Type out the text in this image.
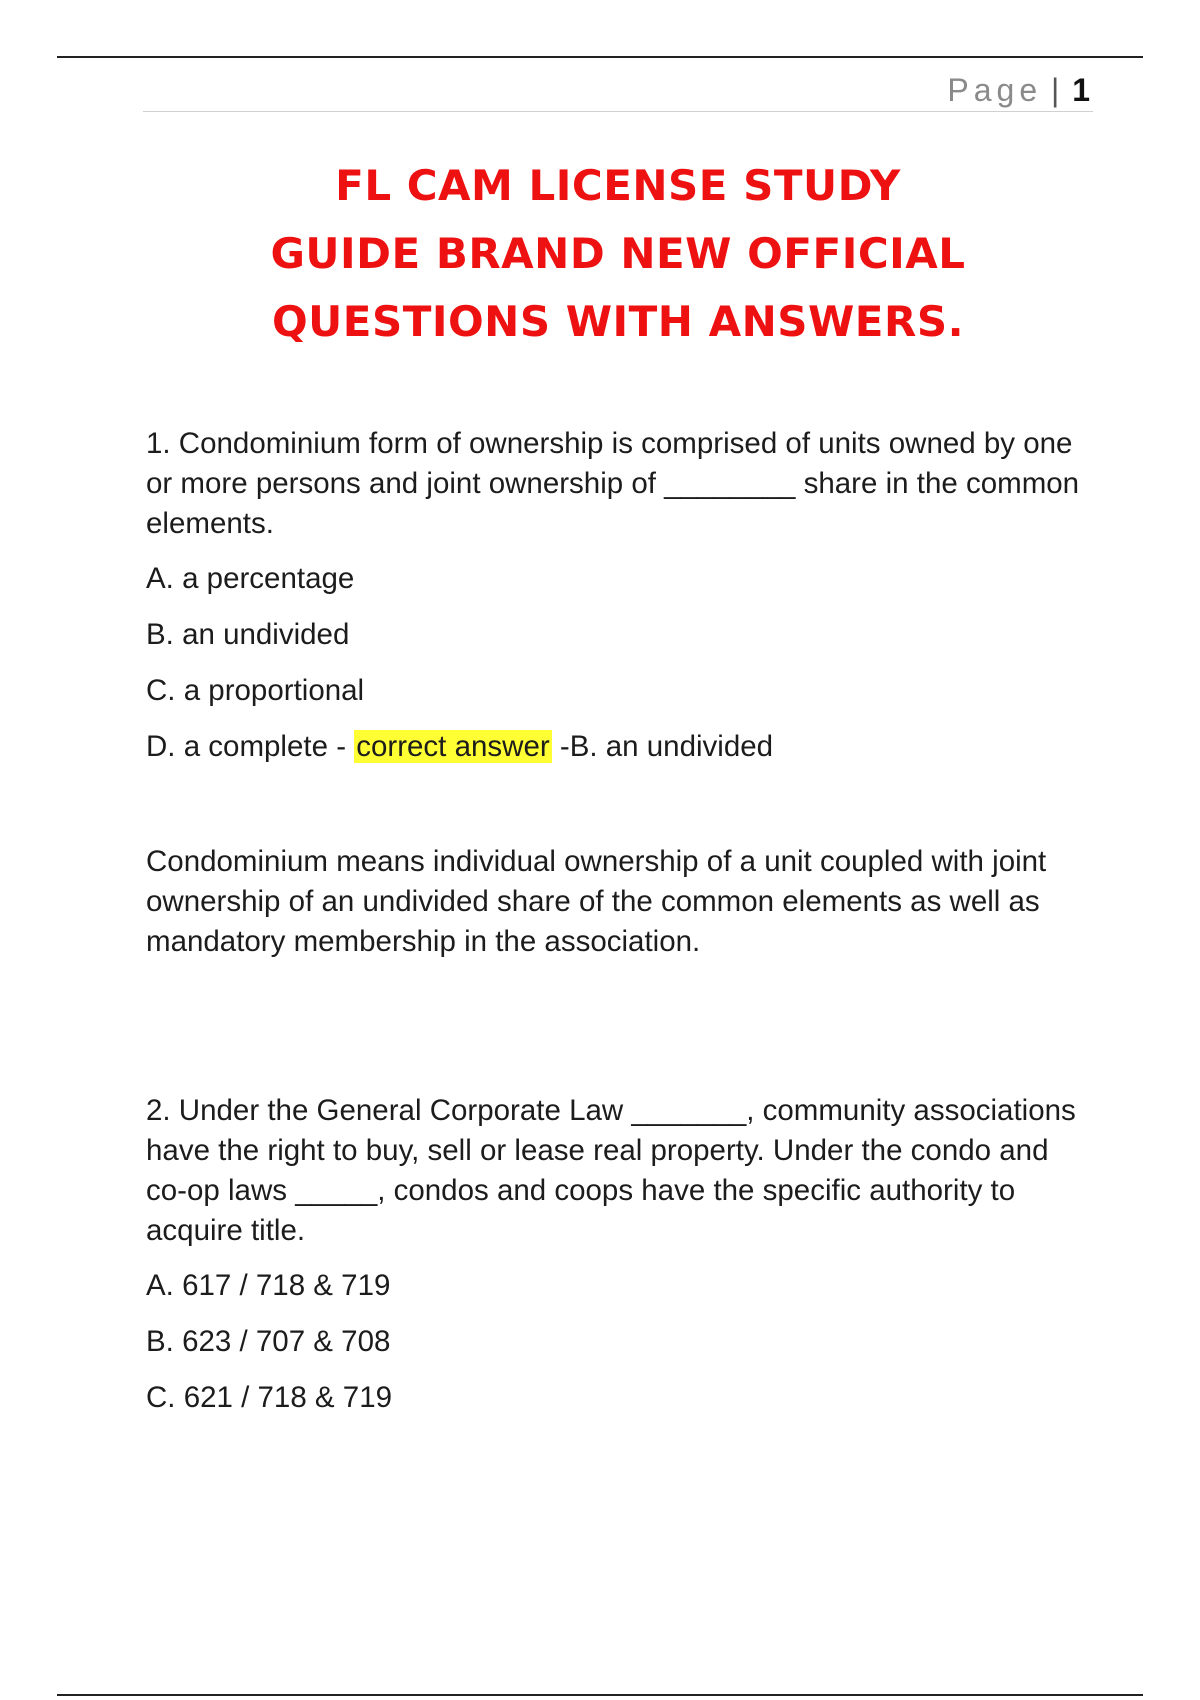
Page | 1
FL CAM LICENSE STUDY
GUIDE BRAND NEW OFFICIAL
QUESTIONS WITH ANSWERS.

1. Condominium form of ownership is comprised of units owned by one or more persons and joint ownership of ________ share in the common elements.

A. a percentage

B. an undivided

C. a proportional

D. a complete - correct answer -B. an undivided

Condominium means individual ownership of a unit coupled with joint ownership of an undivided share of the common elements as well as mandatory membership in the association.

2. Under the General Corporate Law _______, community associations have the right to buy, sell or lease real property. Under the condo and co-op laws _____, condos and coops have the specific authority to acquire title.

A. 617 / 718 & 719

B. 623 / 707 & 708

C. 621 / 718 & 719
